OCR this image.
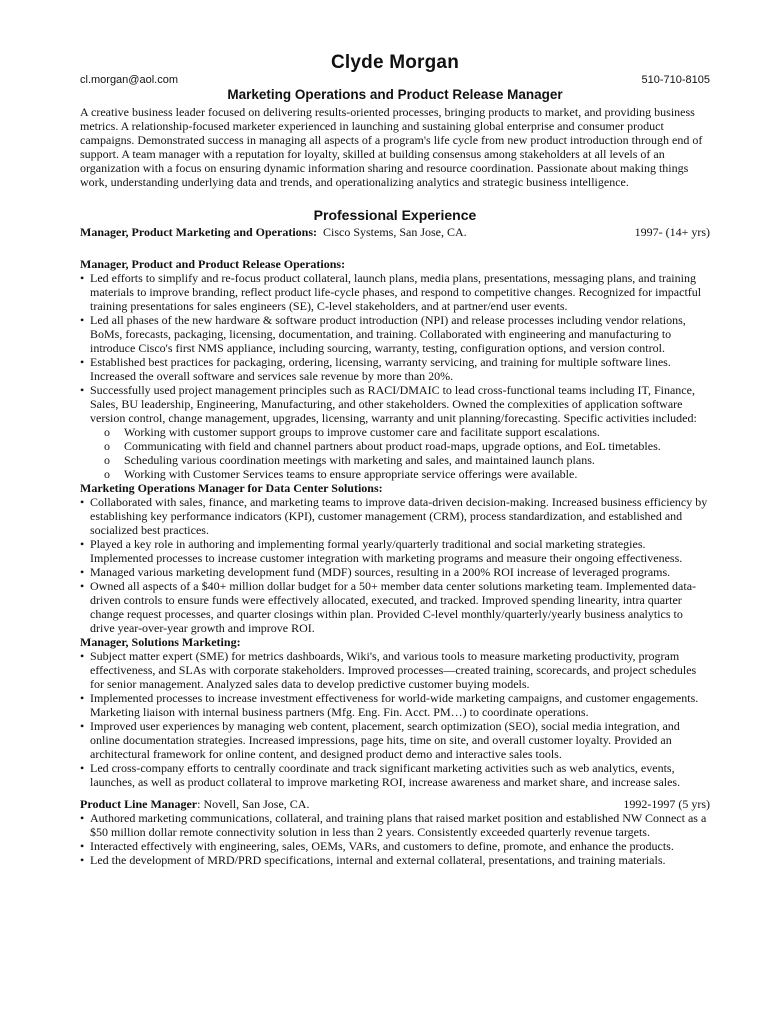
Clyde Morgan
cl.morgan@aol.com	510-710-8105
Marketing Operations and Product Release Manager

A creative business leader focused on delivering results-oriented processes, bringing products to market, and providing business metrics. A relationship-focused marketer experienced in launching and sustaining global enterprise and consumer product campaigns. Demonstrated success in managing all aspects of a program's life cycle from new product introduction through end of support. A team manager with a reputation for loyalty, skilled at building consensus among stakeholders at all levels of an organization with a focus on ensuring dynamic information sharing and resource coordination. Passionate about making things work, understanding underlying data and trends, and operationalizing analytics and strategic business intelligence.

Professional Experience
Manager, Product Marketing and Operations: Cisco Systems, San Jose, CA.	1997- (14+ yrs)
Manager, Product and Product Release Operations:
• Led efforts to simplify and re-focus product collateral, launch plans, media plans, presentations, messaging plans, and training materials to improve branding, reflect product life-cycle phases, and respond to competitive changes. Recognized for impactful training presentations for sales engineers (SE), C-level stakeholders, and at partner/end user events.
• Led all phases of the new hardware & software product introduction (NPI) and release processes including vendor relations, BoMs, forecasts, packaging, licensing, documentation, and training. Collaborated with engineering and manufacturing to introduce Cisco's first NMS appliance, including sourcing, warranty, testing, configuration options, and version control.
• Established best practices for packaging, ordering, licensing, warranty servicing, and training for multiple software lines. Increased the overall software and services sale revenue by more than 20%.
• Successfully used project management principles such as RACI/DMAIC to lead cross-functional teams including IT, Finance, Sales, BU leadership, Engineering, Manufacturing, and other stakeholders. Owned the complexities of application software version control, change management, upgrades, licensing, warranty and unit planning/forecasting. Specific activities included:
o Working with customer support groups to improve customer care and facilitate support escalations.
o Communicating with field and channel partners about product road-maps, upgrade options, and EoL timetables.
o Scheduling various coordination meetings with marketing and sales, and maintained launch plans.
o Working with Customer Services teams to ensure appropriate service offerings were available.
Marketing Operations Manager for Data Center Solutions:
• Collaborated with sales, finance, and marketing teams to improve data-driven decision-making. Increased business efficiency by establishing key performance indicators (KPI), customer management (CRM), process standardization, and established and socialized best practices.
• Played a key role in authoring and implementing formal yearly/quarterly traditional and social marketing strategies. Implemented processes to increase customer integration with marketing programs and measure their ongoing effectiveness.
• Managed various marketing development fund (MDF) sources, resulting in a 200% ROI increase of leveraged programs.
• Owned all aspects of a $40+ million dollar budget for a 50+ member data center solutions marketing team. Implemented data-driven controls to ensure funds were effectively allocated, executed, and tracked. Improved spending linearity, intra quarter change request processes, and quarter closings within plan. Provided C-level monthly/quarterly/yearly business analytics to drive year-over-year growth and improve ROI.
Manager, Solutions Marketing:
• Subject matter expert (SME) for metrics dashboards, Wiki's, and various tools to measure marketing productivity, program effectiveness, and SLAs with corporate stakeholders. Improved processes—created training, scorecards, and project schedules for senior management. Analyzed sales data to develop predictive customer buying models.
• Implemented processes to increase investment effectiveness for world-wide marketing campaigns, and customer engagements. Marketing liaison with internal business partners (Mfg. Eng. Fin. Acct. PM…) to coordinate operations.
• Improved user experiences by managing web content, placement, search optimization (SEO), social media integration, and online documentation strategies. Increased impressions, page hits, time on site, and overall customer loyalty. Provided an architectural framework for online content, and designed product demo and interactive sales tools.
• Led cross-company efforts to centrally coordinate and track significant marketing activities such as web analytics, events, launches, as well as product collateral to improve marketing ROI, increase awareness and market share, and increase sales.
Product Line Manager: Novell, San Jose, CA.	1992-1997 (5 yrs)
• Authored marketing communications, collateral, and training plans that raised market position and established NW Connect as a $50 million dollar remote connectivity solution in less than 2 years. Consistently exceeded quarterly revenue targets.
• Interacted effectively with engineering, sales, OEMs, VARs, and customers to define, promote, and enhance the products.
• Led the development of MRD/PRD specifications, internal and external collateral, presentations, and training materials.
